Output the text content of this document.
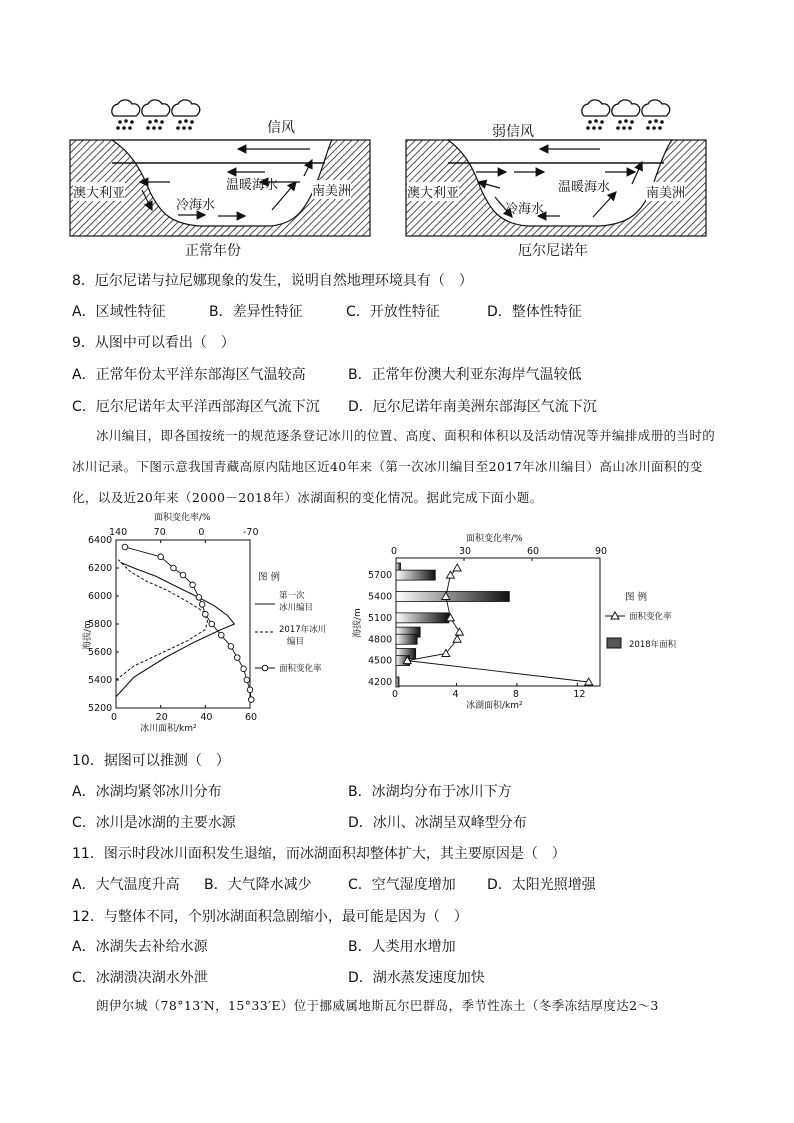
信风
澳大利亚
温暖海水	南美洲
冷海水
正常年份
弱信风
澳大利亚	温暖海水	南美洲
冷海水
厄尔尼诺年
8．厄尔尼诺与拉尼娜现象的发生，说明自然地理环境具有（　）
A．区域性特征	B．差异性特征	C．开放性特征	D．整体性特征
9．从图中可以看出（　）
A．正常年份太平洋东部海区气温较高	B．正常年份澳大利亚东海岸气温较低
C．厄尔尼诺年太平洋西部海区气流下沉 D．厄尔尼诺年南美洲东部海区气流下沉
冰川编目，即各国按统一的规范逐条登记冰川的位置、高度、面积和体积以及活动情况等并编排成册的当时的冰川记录。下图示意我国青藏高原内陆地区近40年来（第一次冰川编目至2017年冰川编目）高山冰川面积的变化，以及近20年来（2000－2018年）冰湖面积的变化情况。据此完成下面小题。
面积变化率/%
140	70	0	-70
0	20	40	60
冰川面积/km²
6400
6200
6000
5800
5600
5400
5200
海拔/m
图 例
第一次
冰川编目
2017年冰川
编目
面积变化率
面积变化率/%
0	30	60	90
0	4	8	12
冰湖面积/km²
5700
5400
5100
4800
4500
4200
海拔/m
图 例
面积变化率
2018年面积
10．据图可以推测（　）
A．冰湖均紧邻冰川分布	B．冰湖均分布于冰川下方
C．冰川是冰湖的主要水源	D．冰川、冰湖呈双峰型分布
11．图示时段冰川面积发生退缩，而冰湖面积却整体扩大，其主要原因是（　）
A．大气温度升高 B．大气降水减少	C．空气湿度增加 D．太阳光照增强
12．与整体不同，个别冰湖面积急剧缩小，最可能是因为（　）
A．冰湖失去补给水源	B．人类用水增加
C．冰湖溃决湖水外泄	D．湖水蒸发速度加快
朗伊尔城（78°13′N，15°33′E）位于挪威属地斯瓦尔巴群岛，季节性冻土（冬季冻结厚度达2～3
